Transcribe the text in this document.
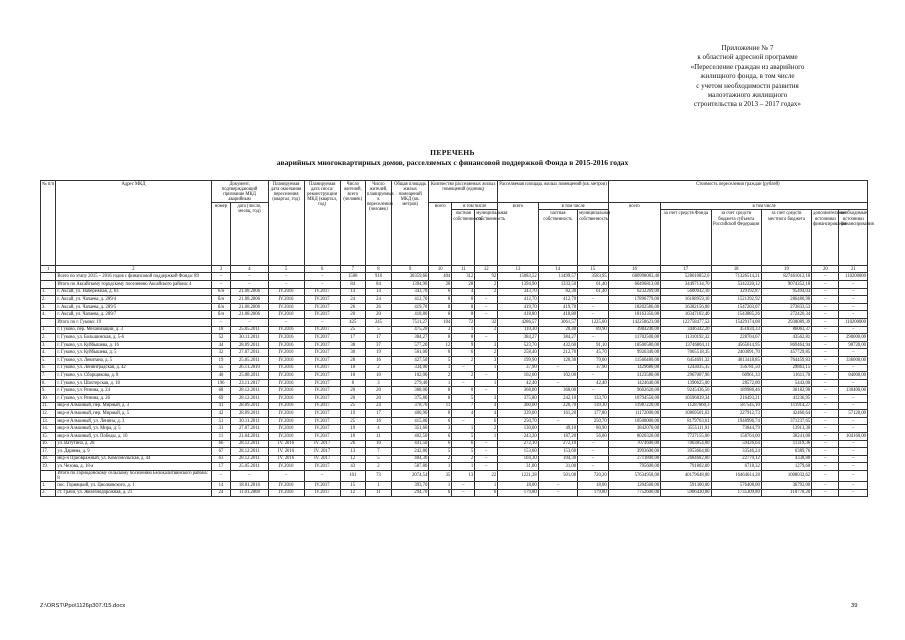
Приложение № 7
к областной адресной программе
«Переселение граждан из аварийного
жилищного фонда, в том числе
с учетом необходимости развития
малоэтажного жилищного
строительства в 2013 – 2017 годах»
ПЕРЕЧЕНЬ
аварийных многоквартирных домов, расселяемых с финансовой поддержкой Фонда в 2015-2016 годах
№ п/п	Адрес МКД	Документ, подтверждающий признание МКД аварийным		Планируемая дата окончания переселения (квартал, год)	Планируемая дата сноса/реконструкции МКД (квартал, год)	Число жителей, всего (человек)	Число жителей, планируемых к переселению (человек)	Общая площадь жилых помещений МКД (кв. метров)	Количество расселяемых жилых помещений (единиц)			Расселяемая площадь жилых помещений (кв. метров)			Стоимость переселения граждан (рублей)					
		номер	дата (число, месяц, год)						всего	в том числе		всего	в том числе		всего	в том числе				
										частная собственность	муниципальная собственность		частная собственность	муниципальная собственность		за счет средств Фонда	за счет средств бюджета субъекта Российской Федерации	за счет средств местного бюджета	дополнительные источники финансирования	необходимые источники финансирования
1	2	3	4	5	6	7	8	9	10	11	12	13	14	15	16	17	18	19	20	21
	Всего по этапу 2015 – 2016 годов с финансовой поддержкой Фонда: 89	–	–	–	–	1508	918	30359,66	404	312	92	15083,52	11499,57	3583,95	680998083,40	528010852,0	71326514,21	827461012,18	–	110200000
	Итого по Аксайскому городскому поселению Аксайского района: 4	–	–	–	–	84	84	1394,90	20	28	2	1394,90	1333,50	61,40	60496813,00	34497134,70	5342220,12	9074352,18	–	–
1.	г. Аксай, ул. Набережная, д. 63	б/н	21.08.2006	IV.2016	IV.2017	14	14	343,70	6	4	2	343,70	82,30	61,40	6232269,00	5600942,10	329192,87	95494,03	–	–
2.	г. Аксай, ул. Чапаева, д. 289/4	б/н	21.08.2006	IV.2016	IV.2017	24	24	412,70	8	8	–	412,70	412,70	–	17896779,00	16188959,10	1521392,92	286480,98	–	–
3.	г. Аксай, ул. Чапаева, д. 289/5	б/н	21.08.2006	IV.2016	IV.2017	26	26	419,70	8	8	–	419,70	419,70	–	18202586,00	16382156,00	1547203,07	273833,53	–	–
4.	г. Аксай, ул. Чапаева, д. 289/7	б/н	21.08.2006	IV.2016	IV.2017	20	20	418,80	8	8	–	418,80	418,80	–	18163356,00	16347102,40	1543885,26	272420,34	–	–
	Итого по г. Гуково: 19	–	–	–	–	425	245	7511,27	104	72	32	4286,57	3061,57	1225,00	142258623,00	122758477,52	15429174,08	2938089,39	–	110200000
1.	г. Гуково, пер. Механизации, д. 3	18	25.05.2011	IV.2016	IV.2017	25	5	475,20	3	1	2	110,30	20,40	89,90	3984240,00	3446342,20	451834,33	86063,37	–	–
2.	г. Гуково, ул. Большинская, д. 5-6	52	30.11.2011	IV.2016	IV.2017	17	17	384,27	8	8	–	384,27	384,27	–	11702500,00	11310192,32	228704,67	43562,81	–	290000,00
3.	г. Гуково, ул. Куйбышева, д. 16	44	28.09.2011	IV.2016	IV.2017	38	37	577,20	12	9	3	523,70	432,60	91,10	18500580,00	13746804,11	4565614,95	869464,94	–	90720,00
4.	г. Гуково, ул. Куйбышева, д. 5	32	27.07.2011	IV.2016	IV.2017	30	19	561,00	8	6	2	258,40	212,70	45,70	9926340,00	7065518,35	2403091,70	457729,85	–	–
5.	г. Гуково, ул. Левитана, д. 5	19	25.05.2011	IV.2016	IV.2017	28	16	427,50	5	2	3	199,90	120,30	79,60	11566480,00	6454691,32	4013418,85	764459,83	–	336000,00
6.	г. Гуково, ул. Ленинградская, д. 42	55	26.11.2010	IV.2016	IV.2017	18	2	334,00	1	–	1	37,90	–	37,90	1429680,00	1243035,35	156781,50	29863,15	–	–
7.	г. Гуково, ул. Сборщикова, д. 8	40	25.08.2011	IV.2016	IV.2017	10	10	102,00	2	2	–	102,00	102,00	–	3123580,00	2967007,96	60961,33	11611,70	–	84000,00
8.	г. Гуково, ул. Шахтерская, д. 18	196	23.11.2017	IV.2016	IV.2017	8	3	279,40	1	–	1	42,40	–	42,40	1424640,00	1390625,00	28572,00	5443,00	–	–
9.	г. Гуково, ул. Репина, д. 24	68	28.12.2011	IV.2016	IV.2017	20	20	368,00	8	8	–	368,00	368,00	–	9602620,00	9245436,56	189986,46	36182,98	–	130400,00
10.	г. Гуково, ул. Репина, д. 26	69	28.12.2011	IV.2016	IV.2017	20	20	375,80	8	5	3	375,80	242,10	133,70	10794550,00	10596839,34	216493,21	41236,95	–	–
11.	мкр-н Алмазный, пер. Мирный, д. 3	41	28.09.2011	IV.2016	IV.2017	25	24	378,70	11	7	4	360,00	220,70	139,30	11987220,00	11287860,3	587545,10	111914,27	–	–
12.	мкр-н Алмазный, пер. Мирный, д. 5	42	28.09.2011	IV.2016	IV.2017	19	17	400,90	8	4	4	339,00	161,20	177,80	11172000,00	10869501,63	227912,73	42460,64	–	57120,00
13.	мкр-н Алмазный, ул. Ленина, д. 3	51	30.11.2011	IV.2016	IV.2017	25	16	415,80	6	–	6	250,70	–	250,70	10500000,00	8179763,61	1948996,74	371237,65	–	–
14.	мкр-н Алмазный, ул. Мира, д. 5	31	27.07.2011	IV.2016	IV.2017	19	4	351,60	3	1	2	130,00	49,10	80,90	3842070,00	3555111,91	73844,79	13913,30	–	–
15.	мкр-н Алмазный, ул. Победы, д. 10	11	21.04.2011	IV.2016	IV.2017	18	11	402,50	6	5	1	243,20	187,20	56,00	8020320,00	7727155,00	158764,00	30241,00	–	104160,00
16.	ул. Ватутина, д. 28	66	28.12.2011	IV. 2016	IV. 2017	26	10	441,50	6	6	–	272,10	272,10	–	7074600,00	7003854,00	59426,64	11319,36	–	–
17.	ул. Даряева, д. 9	67	28.12.2011	IV. 2016	IV. 2017	13	7	242,80	5	5	–	153,60	153,60	–	3993600,00	3953664,00	33546,24	6389,76	–	–
18.	мкр-н Приовражный, ул. Комсомольская, д. 44	63	28.12.2011	IV. 2016	IV. 2017	12	5	404,30	2	2	–	104,30	104,30	–	2711800,00	2684682,00	22779,12	4338,88	–	–
19.	ул. Чехова, д. 18-а	17	25.05.2011	IV.2016	IV.2017	43	2	587,80	1	1	–	31,00	31,00	–	795600,00	791802,00	6718,32	1279,68	–	–
	Итого по Горнодонскому сельскому поселению Белокалитвинского района: 8	–	–	–	–	101	73	2074,54	35	13	22	1221,28	501,08	720,20	57634958,00	40179648,00	16464614,28	1008032,62	–	–
1.	пос. Горняцкий, ул. Циолковского, д. 1	14	18.01.2016	IV.2016	IV.2017	15	1	393,70	1	–	1	18,00	–	18,00	1204500,00	591300,00	576408,00	36792,00	–	–
2.	ст. Грачи, ул. Железнодорожная, д. 21	24	11.01.2008	IV.2016	IV.2017	12	11	294,70	6	–	6	179,80	–	179,80	7752600,00	5906430,00	1735309,80	110770,20	–	–
Z:\ORST\Ppo\1126p307.f15.docx	39
